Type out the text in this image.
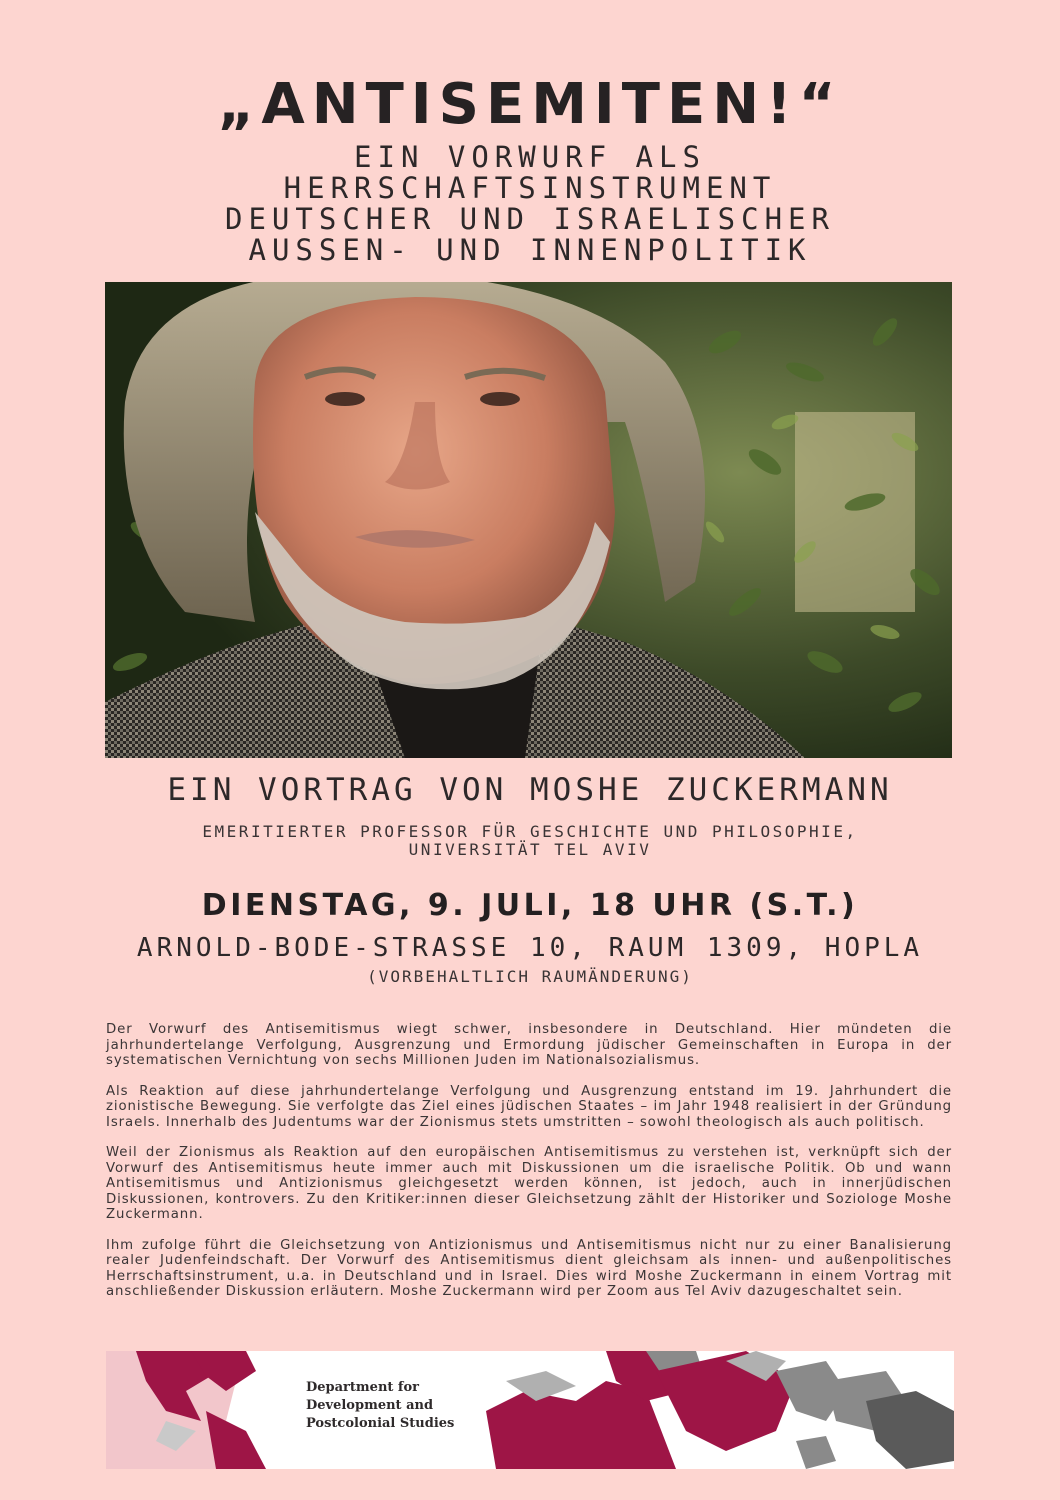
„ANTISEMITEN!“
EIN VORWURF ALS
HERRSCHAFTSINSTRUMENT
DEUTSCHER UND ISRAELISCHER
AUSSEN- UND INNENPOLITIK
EIN VORTRAG VON MOSHE ZUCKERMANN
EMERITIERTER PROFESSOR FÜR GESCHICHTE UND PHILOSOPHIE,
UNIVERSITÄT TEL AVIV
DIENSTAG, 9. JULI, 18 UHR (S.T.)
ARNOLD-BODE-STRASSE 10, RAUM 1309, HOPLA
(VORBEHALTLICH RAUMÄNDERUNG)

Der Vorwurf des Antisemitismus wiegt schwer, insbesondere in Deutschland. Hier mündeten die jahrhundertelange Verfolgung, Ausgrenzung und Ermordung jüdischer Gemeinschaften in Europa in der systematischen Vernichtung von sechs Millionen Juden im Nationalsozialismus.

Als Reaktion auf diese jahrhundertelange Verfolgung und Ausgrenzung entstand im 19. Jahrhundert die zionistische Bewegung. Sie verfolgte das Ziel eines jüdischen Staates – im Jahr 1948 realisiert in der Gründung Israels. Innerhalb des Judentums war der Zionismus stets umstritten – sowohl theologisch als auch politisch.

Weil der Zionismus als Reaktion auf den europäischen Antisemitismus zu verstehen ist, verknüpft sich der Vorwurf des Antisemitismus heute immer auch mit Diskussionen um die israelische Politik. Ob und wann Antisemitismus und Antizionismus gleichgesetzt werden können, ist jedoch, auch in innerjüdischen Diskussionen, kontrovers. Zu den Kritiker:innen dieser Gleichsetzung zählt der Historiker und Soziologe Moshe Zuckermann.

Ihm zufolge führt die Gleichsetzung von Antizionismus und Antisemitismus nicht nur zu einer Banalisierung realer Judenfeindschaft. Der Vorwurf des Antisemitismus dient gleichsam als innen- und außenpolitisches Herrschaftsinstrument, u.a. in Deutschland und in Israel. Dies wird Moshe Zuckermann in einem Vortrag mit anschließender Diskussion erläutern. Moshe Zuckermann wird per Zoom aus Tel Aviv dazugeschaltet sein.

Department for
Development and
Postcolonial Studies
